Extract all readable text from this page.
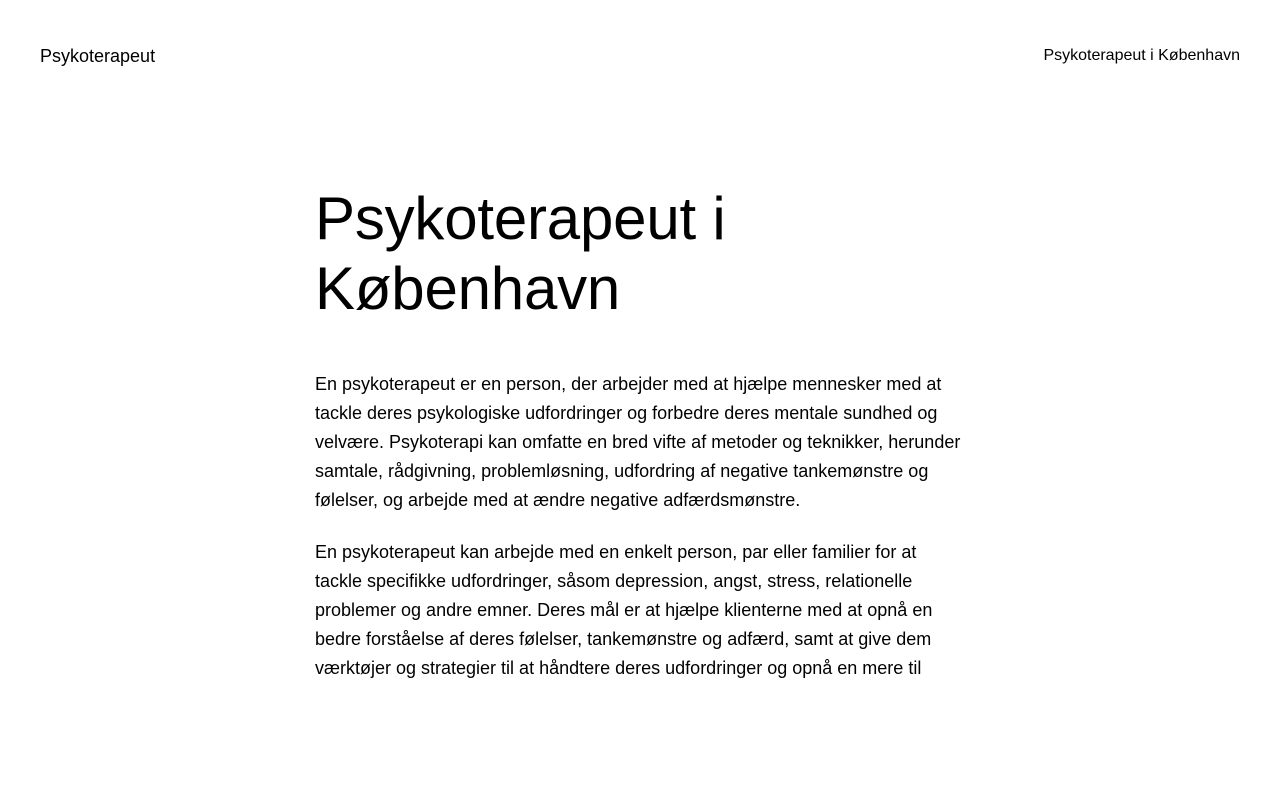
Psykoterapeut	Psykoterapeut i København
Psykoterapeut i København

En psykoterapeut er en person, der arbejder med at hjælpe mennesker med at tackle deres psykologiske udfordringer og forbedre deres mentale sundhed og velvære. Psykoterapi kan omfatte en bred vifte af metoder og teknikker, herunder samtale, rådgivning, problemløsning, udfordring af negative tankemønstre og følelser, og arbejde med at ændre negative adfærdsmønstre.

En psykoterapeut kan arbejde med en enkelt person, par eller familier for at tackle specifikke udfordringer, såsom depression, angst, stress, relationelle problemer og andre emner. Deres mål er at hjælpe klienterne med at opnå en bedre forståelse af deres følelser, tankemønstre og adfærd, samt at give dem værktøjer og strategier til at håndtere deres udfordringer og opnå en mere til
